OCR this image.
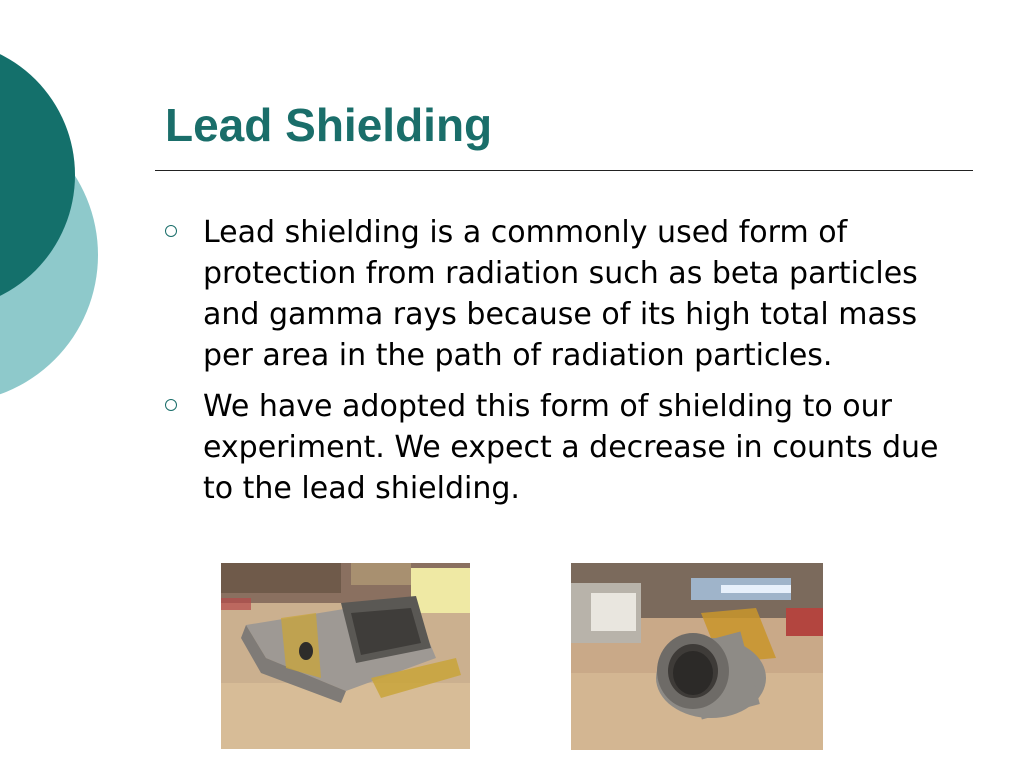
Lead Shielding
Lead shielding is a commonly used form of protection from radiation such as beta particles and gamma rays because of its high total mass per area in the path of radiation particles.
We have adopted this form of shielding to our experiment. We expect a decrease in counts due to the lead shielding.
